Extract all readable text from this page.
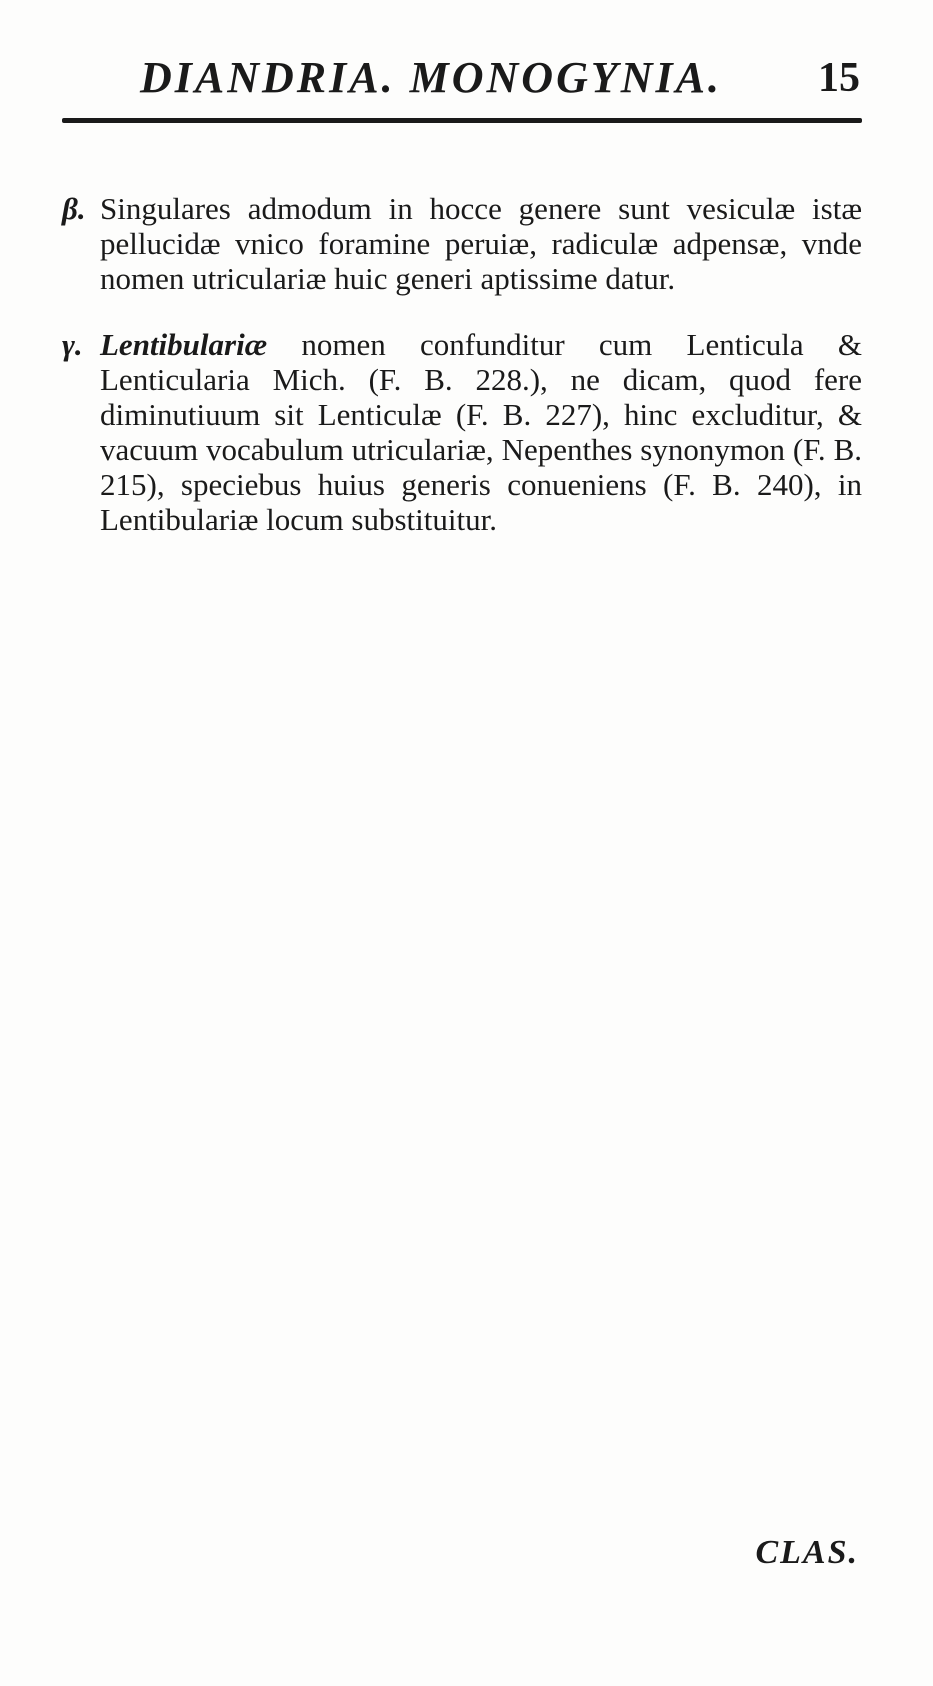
DIANDRIA. MONOGYNIA. 15

β. Singulares admodum in hocce genere sunt vesiculæ istæ pellucidæ vnico foramine peruiæ, radiculæ adpensæ, vnde nomen utriculariæ huic generi aptissime datur.

γ. Lentibulariæ nomen confunditur cum Lenticula & Lenticularia Mich. (F. B. 228.), ne dicam, quod fere diminutiuum sit Lenticulæ (F. B. 227), hinc excluditur, & vacuum vocabulum utriculariæ, Nepenthes synonymon (F. B. 215), speciebus huius generis conueniens (F. B. 240), in Lentibulariæ locum substituitur.

CLAS.
